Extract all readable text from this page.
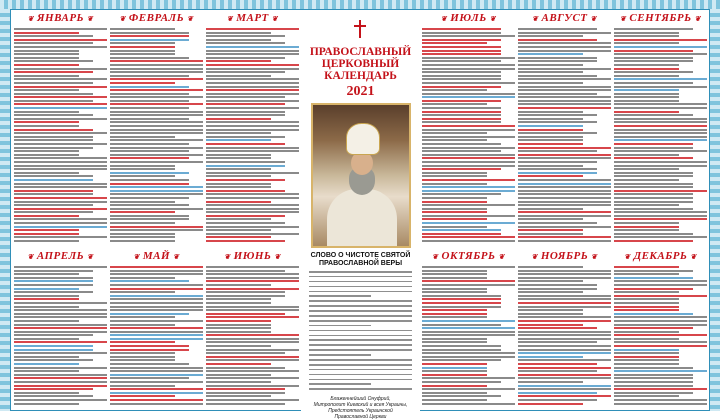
❦ ЯНВАРЬ ❦	❦ ФЕВРАЛЬ ❦	❦ МАРТ ❦	❦ ИЮЛЬ ❦	❦ АВГУСТ ❦	❦ СЕНТЯБРЬ ❦
❦ АПРЕЛЬ ❦	❦ МАЙ ❦	❦ ИЮНЬ ❦	❦ ОКТЯБРЬ ❦	❦ НОЯБРЬ ❦	❦ ДЕКАБРЬ ❦
ПРАВОСЛАВНЫЙ
ЦЕРКОВНЫЙ
КАЛЕНДАРЬ
2021
СЛОВО О ЧИСТОТЕ СВЯТОЙ
ПРАВОСЛАВНОЙ ВЕРЫ
Блаженнейший Онуфрий,
Митрополит Киевский и всея Украины,
Предстоятель Украинской
Православной Церкви
